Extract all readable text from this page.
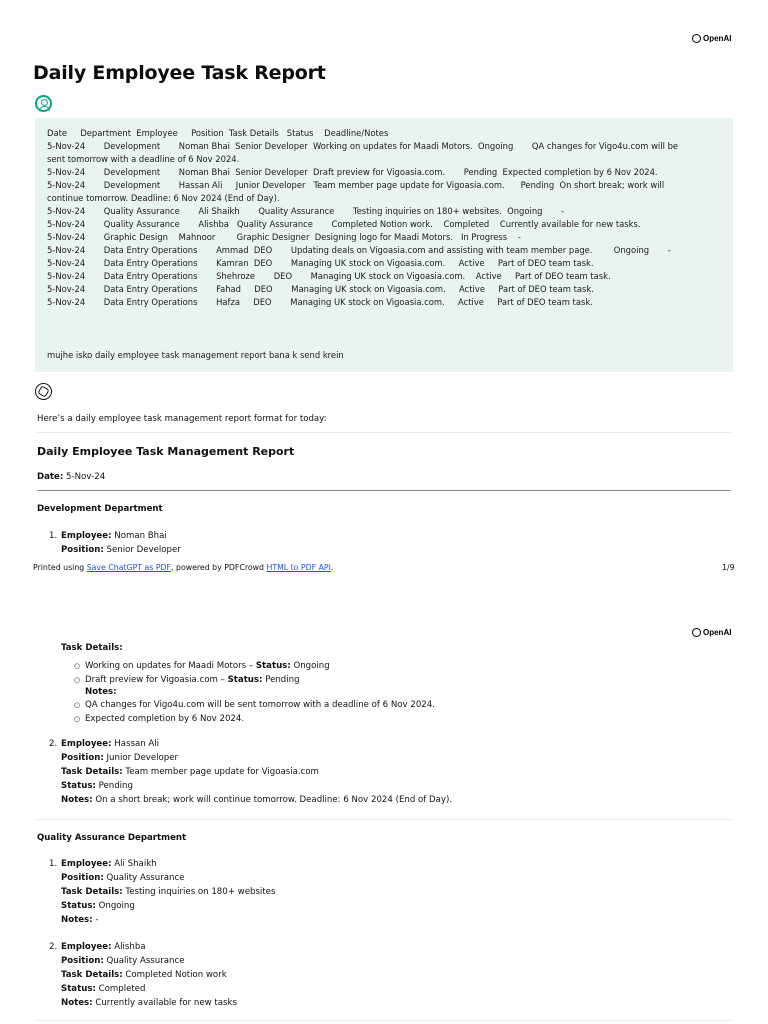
OpenAI
Daily Employee Task Report
Date     Department  Employee     Position  Task Details   Status    Deadline/Notes
5-Nov-24       Development       Noman Bhai  Senior Developer  Working on updates for Maadi Motors.  Ongoing       QA changes for Vigo4u.com will be
sent tomorrow with a deadline of 6 Nov 2024.
5-Nov-24       Development       Noman Bhai  Senior Developer  Draft preview for Vigoasia.com.       Pending  Expected completion by 6 Nov 2024.
5-Nov-24       Development       Hassan Ali     Junior Developer   Team member page update for Vigoasia.com.      Pending  On short break; work will
continue tomorrow. Deadline: 6 Nov 2024 (End of Day).
5-Nov-24       Quality Assurance       Ali Shaikh       Quality Assurance       Testing inquiries on 180+ websites.  Ongoing       -
5-Nov-24       Quality Assurance       Alishba   Quality Assurance       Completed Notion work.    Completed    Currently available for new tasks.
5-Nov-24       Graphic Design    Mahnoor        Graphic Designer  Designing logo for Maadi Motors.   In Progress    -
5-Nov-24       Data Entry Operations       Ammad  DEO       Updating deals on Vigoasia.com and assisting with team member page.        Ongoing       -
5-Nov-24       Data Entry Operations       Kamran  DEO       Managing UK stock on Vigoasia.com.     Active     Part of DEO team task.
5-Nov-24       Data Entry Operations       Shehroze       DEO       Managing UK stock on Vigoasia.com.    Active     Part of DEO team task.
5-Nov-24       Data Entry Operations       Fahad     DEO       Managing UK stock on Vigoasia.com.     Active     Part of DEO team task.
5-Nov-24       Data Entry Operations       Hafza     DEO       Managing UK stock on Vigoasia.com.     Active     Part of DEO team task.
mujhe isko daily employee task management report bana k send krein
Here’s a daily employee task management report format for today:
Daily Employee Task Management Report
Date: 5-Nov-24
Development Department
1. Employee: Noman Bhai
Position: Senior Developer
Printed using Save ChatGPT as PDF, powered by PDFCrowd HTML to PDF API.	1/9
OpenAI
Task Details:
○ Working on updates for Maadi Motors – Status: Ongoing
○ Draft preview for Vigoasia.com – Status: Pending
Notes:
○ QA changes for Vigo4u.com will be sent tomorrow with a deadline of 6 Nov 2024.
○ Expected completion by 6 Nov 2024.
2. Employee: Hassan Ali
Position: Junior Developer
Task Details: Team member page update for Vigoasia.com
Status: Pending
Notes: On a short break; work will continue tomorrow. Deadline: 6 Nov 2024 (End of Day).
Quality Assurance Department
1. Employee: Ali Shaikh
Position: Quality Assurance
Task Details: Testing inquiries on 180+ websites
Status: Ongoing
Notes: -
2. Employee: Alishba
Position: Quality Assurance
Task Details: Completed Notion work
Status: Completed
Notes: Currently available for new tasks
